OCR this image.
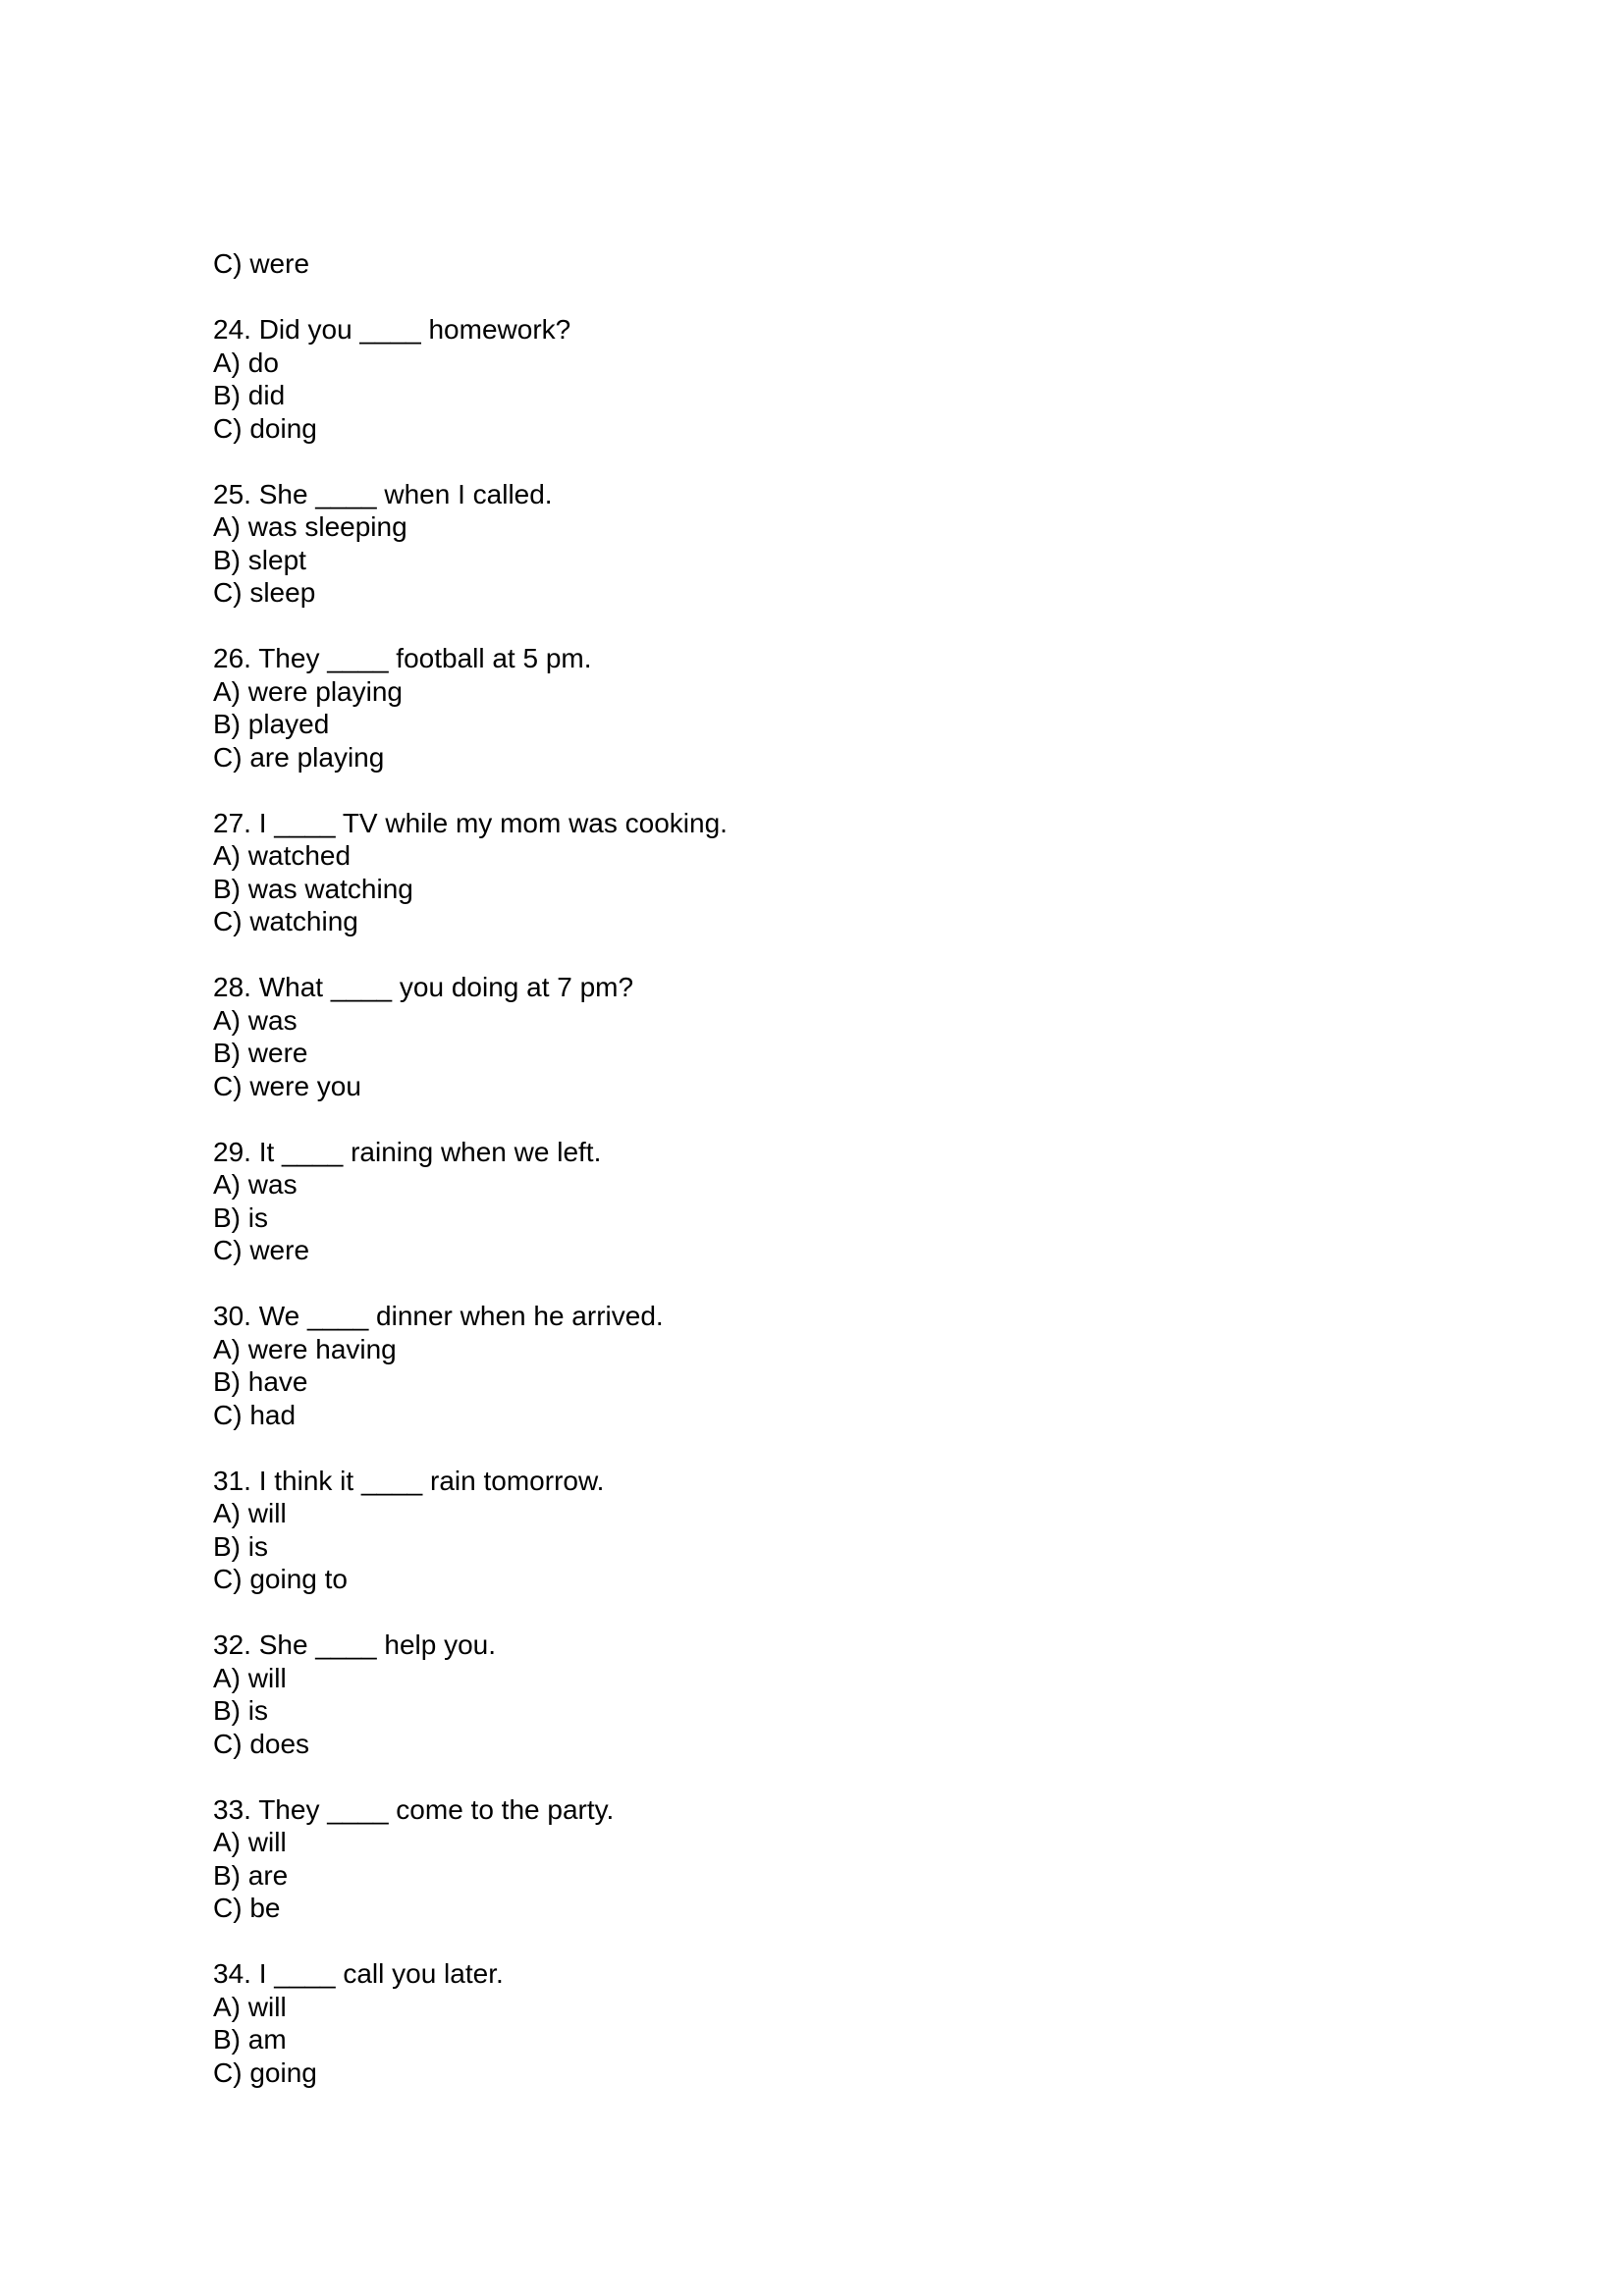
C) were
24. Did you ____ homework?
A) do
B) did
C) doing
25. She ____ when I called.
A) was sleeping
B) slept
C) sleep
26. They ____ football at 5 pm.
A) were playing
B) played
C) are playing
27. I ____ TV while my mom was cooking.
A) watched
B) was watching
C) watching
28. What ____ you doing at 7 pm?
A) was
B) were
C) were you
29. It ____ raining when we left.
A) was
B) is
C) were
30. We ____ dinner when he arrived.
A) were having
B) have
C) had
31. I think it ____ rain tomorrow.
A) will
B) is
C) going to
32. She ____ help you.
A) will
B) is
C) does
33. They ____ come to the party.
A) will
B) are
C) be
34. I ____ call you later.
A) will
B) am
C) going
